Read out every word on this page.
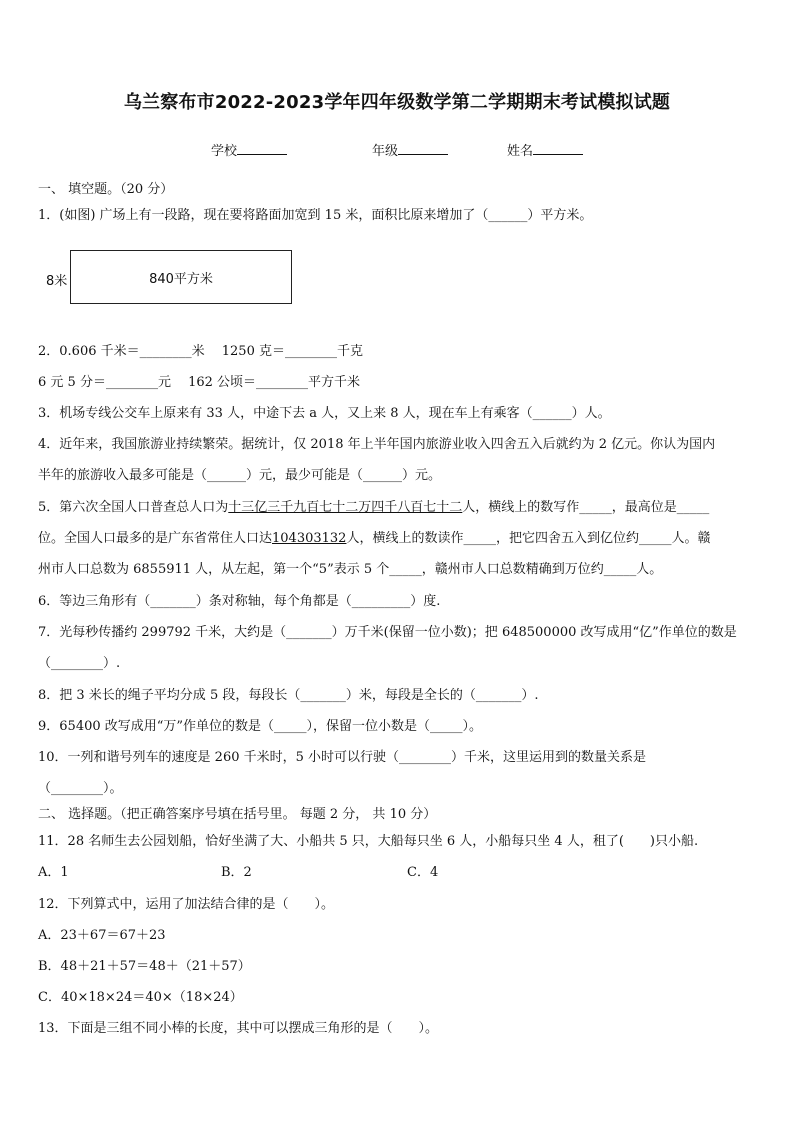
乌兰察布市2022-2023学年四年级数学第二学期期末考试模拟试题
学校	年级	姓名
一、 填空题。（20 分）
1．(如图) 广场上有一段路，现在要将路面加宽到 15 米，面积比原来增加了（______）平方米。
8米	840平方米
2．0.606 千米＝________米　 1250 克＝________千克
6 元 5 分＝________元　 162 公顷＝________平方千米
3．机场专线公交车上原来有 33 人，中途下去 a 人，又上来 8 人，现在车上有乘客（______）人。
4．近年来，我国旅游业持续繁荣。据统计，仅 2018 年上半年国内旅游业收入四舍五入后就约为 2 亿元。你认为国内
半年的旅游收入最多可能是（______）元，最少可能是（______）元。
5．第六次全国人口普查总人口为十三亿三千九百七十二万四千八百七十二人，横线上的数写作_____，最高位是_____
位。全国人口最多的是广东省常住人口达104303132人，横线上的数读作_____，把它四舍五入到亿位约_____人。赣
州市人口总数为 6855911 人，从左起，第一个“5”表示 5 个_____，赣州市人口总数精确到万位约_____人。
6．等边三角形有（_______）条对称轴，每个角都是（_________）度.
7．光每秒传播约 299792 千米，大约是（_______）万千米(保留一位小数)；把 648500000 改写成用“亿”作单位的数是
（________）.
8．把 3 米长的绳子平均分成 5 段，每段长（_______）米，每段是全长的（_______）.
9．65400 改写成用“万”作单位的数是（_____），保留一位小数是（_____）。
10．一列和谐号列车的速度是 260 千米时，5 小时可以行驶（________）千米，这里运用到的数量关系是
（________）。
二、 选择题。（把正确答案序号填在括号里。 每题 2 分， 共 10 分）
11．28 名师生去公园划船，恰好坐满了大、小船共 5 只，大船每只坐 6 人，小船每只坐 4 人，租了(　　)只小船.
A．1	B．2	C．4
12．下列算式中，运用了加法结合律的是（　　）。
A．23＋67＝67＋23
B．48＋21＋57＝48＋（21＋57）
C．40×18×24＝40×（18×24）
13．下面是三组不同小棒的长度，其中可以摆成三角形的是（　　）。
